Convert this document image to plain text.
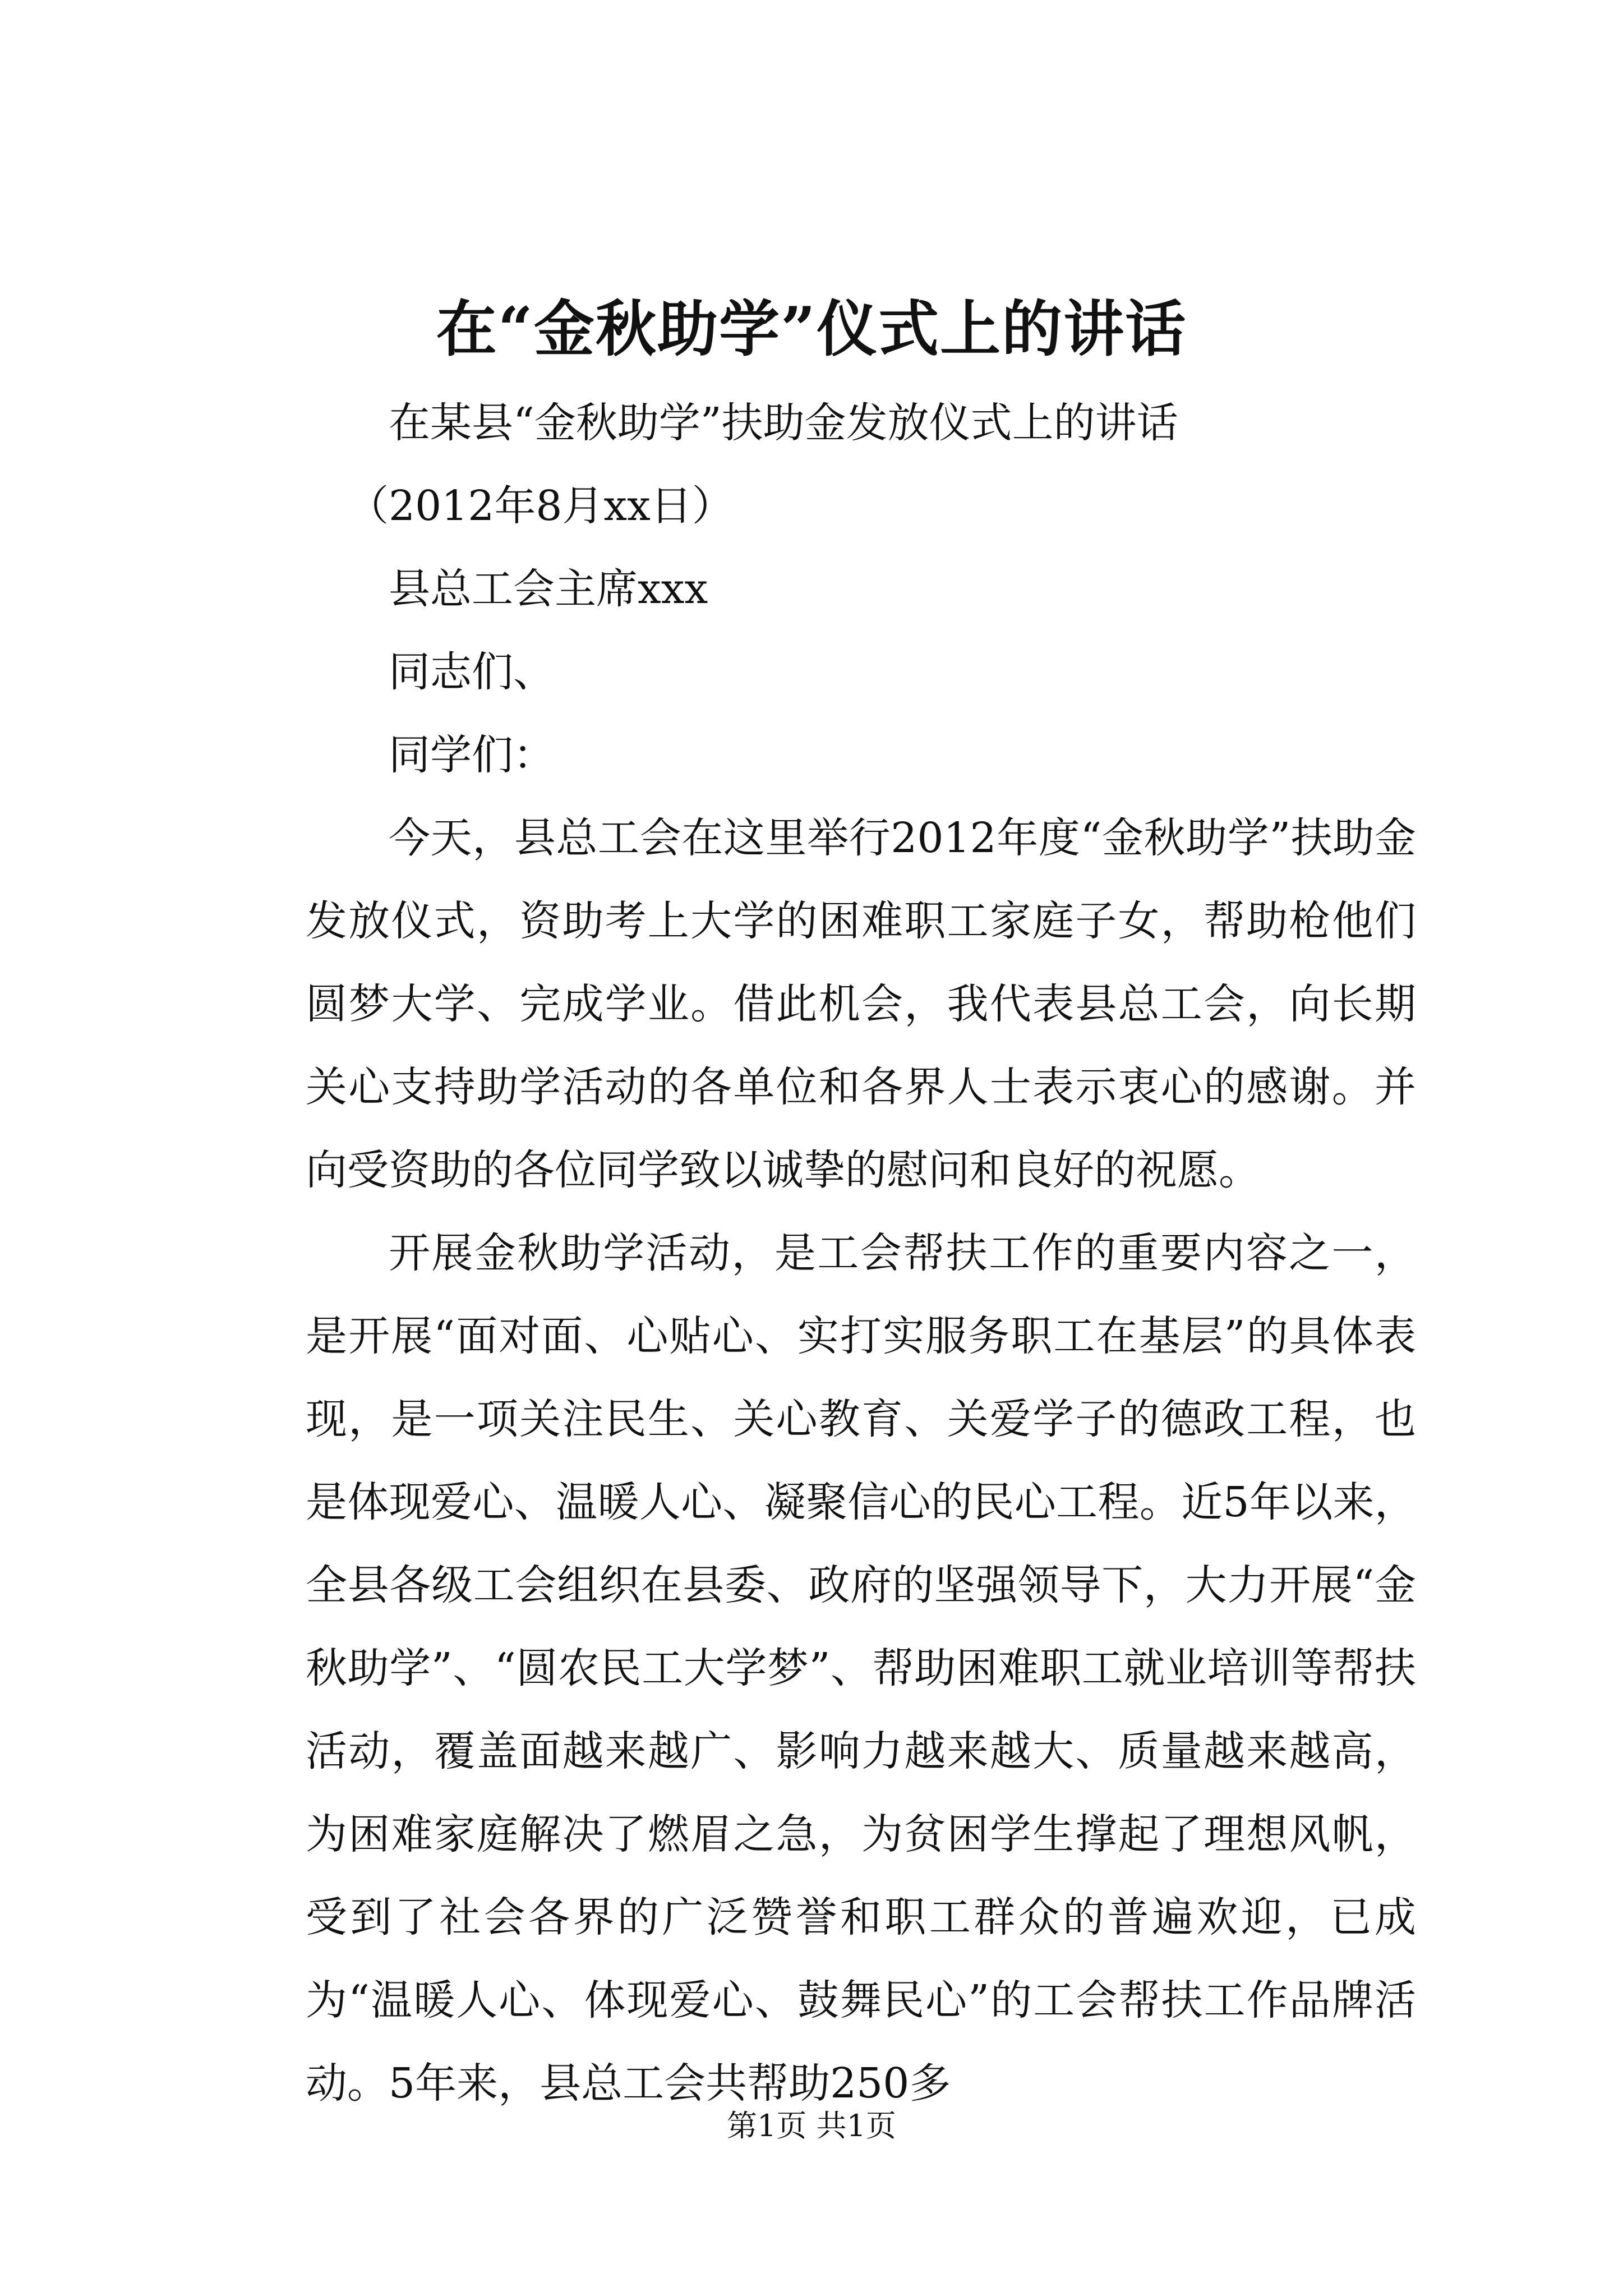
在“金秋助学”仪式上的讲话

在某县“金秋助学”扶助金发放仪式上的讲话

（2012年8月xx日）

县总工会主席xxx

同志们、

同学们：

今天，县总工会在这里举行2012年度“金秋助学”扶助金发放仪式，资助考上大学的困难职工家庭子女，帮助枪他们圆梦大学、完成学业。借此机会，我代表县总工会，向长期关心支持助学活动的各单位和各界人士表示衷心的感谢。并向受资助的各位同学致以诚挚的慰问和良好的祝愿。

开展金秋助学活动，是工会帮扶工作的重要内容之一，是开展“面对面、心贴心、实打实服务职工在基层”的具体表现，是一项关注民生、关心教育、关爱学子的德政工程，也是体现爱心、温暖人心、凝聚信心的民心工程。近5年以来，全县各级工会组织在县委、政府的坚强领导下，大力开展“金秋助学”、“圆农民工大学梦”、帮助困难职工就业培训等帮扶活动，覆盖面越来越广、影响力越来越大、质量越来越高，为困难家庭解决了燃眉之急，为贫困学生撑起了理想风帆，受到了社会各界的广泛赞誉和职工群众的普遍欢迎，已成为“温暖人心、体现爱心、鼓舞民心”的工会帮扶工作品牌活动。5年来，县总工会共帮助250多

第1页 共1页
